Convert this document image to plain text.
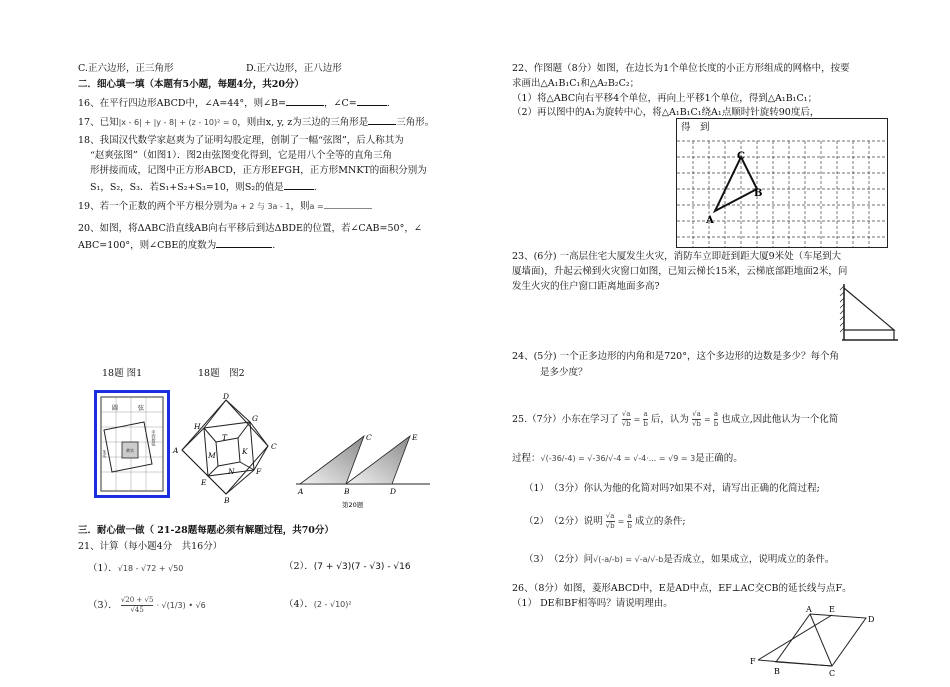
C.正六边形，正三角形	D.正六边形，正八边形
二．细心填一填（本题有5小题，每题4分，共20分）
16、在平行四边形ABCD中，∠A=44°，则∠B=	，∠C=	.
17、已知|x - 6| + |y - 8| + (z - 10)² = 0，则由x, y, z为三边的三角形是	三角形。
18、我国汉代数学家赵爽为了证明勾股定理，创制了一幅“弦图”，后人称其为
“赵爽弦图”（如图1）．图2由弦图变化得到，它是用八个全等的直角三角
形拼接而成，记图中正方形ABCD，正方形EFGH，正方形MNKT的面积分别为
S₁，S₂，S₃．若S₁+S₂+S₃=10，则S₂的值是	.
19、若一个正数的两个平方根分别为a + 2 与 3a - 1，则a =
20、如图，将ΔABC沿直线AB向右平移后到达ΔBDE的位置，若∠CAB=50°，∠
ABC=100°，则∠CBE的度数为	.
18题 图1	18题　图2
三．耐心做一做（ 21-28题每题必须有解题过程，共70分）
21、计算（每小题4分　共16分）
（1）．√18 - √72 + √50	（2）．(7 + √3)(7 - √3) - √16
（3）． $\frac{√20 + √5}{√45} \cdot √(1/3)$ • √6	（4）．(2 - √10)²
圆	弦
中四按弦
朱实	黄实
D
C
B
A
H
G
F
E
M
N
T
K
A	B	D
C	E
第20题
22、作图题（8分）如图，在边长为1个单位长度的小正方形组成的网格中，按要
求画出△A₁B₁C₁和△A₂B₂C₂；
（1）将△ABC向右平移4个单位，再向上平移1个单位，得到△A₁B₁C₁；
（2）再以图中的A₁为旋转中心，将△A₁B₁C₁绕A₁点顺时针旋转90度后，
23、(6分) 一高层住宅大厦发生火灾，消防车立即赶到距大厦9米处（车尾到大
厦墙面)，升起云梯到火灾窗口如图，已知云梯长15米，云梯底部距地面2米，问
发生火灾的住户窗口距离地面多高?
24、(5分) 一个正多边形的内角和是720°，这个多边形的边数是多少？每个角
是多少度？
25.（7分）小东在学习了 $\frac{√a}{√b} = \frac{a}{b}$ 后，认为 $\frac{√a}{√b} = \frac{a}{b}$ 也成立,因此他认为一个化简
过程：√(-36/-4) = √-36/√-4 = √-4·... = √9 = 3是正确的。
（1）　（3分）你认为他的化简对吗?如果不对，请写出正确的化简过程;
（2）　（2分）说明 $\frac{√a}{√b} = \frac{a}{b}$ 成立的条件;
（3）　（2分）问√(-a/-b) = √-a/√-b是否成立，如果成立，说明成立的条件。
26、（8分）如图，菱形ABCD中，E是AD中点，EF⊥AC交CB的延长线与点F。
（1） DE和BF相等吗？请说明理由。
得　到
A
B
C
A E
D
C
B
F
